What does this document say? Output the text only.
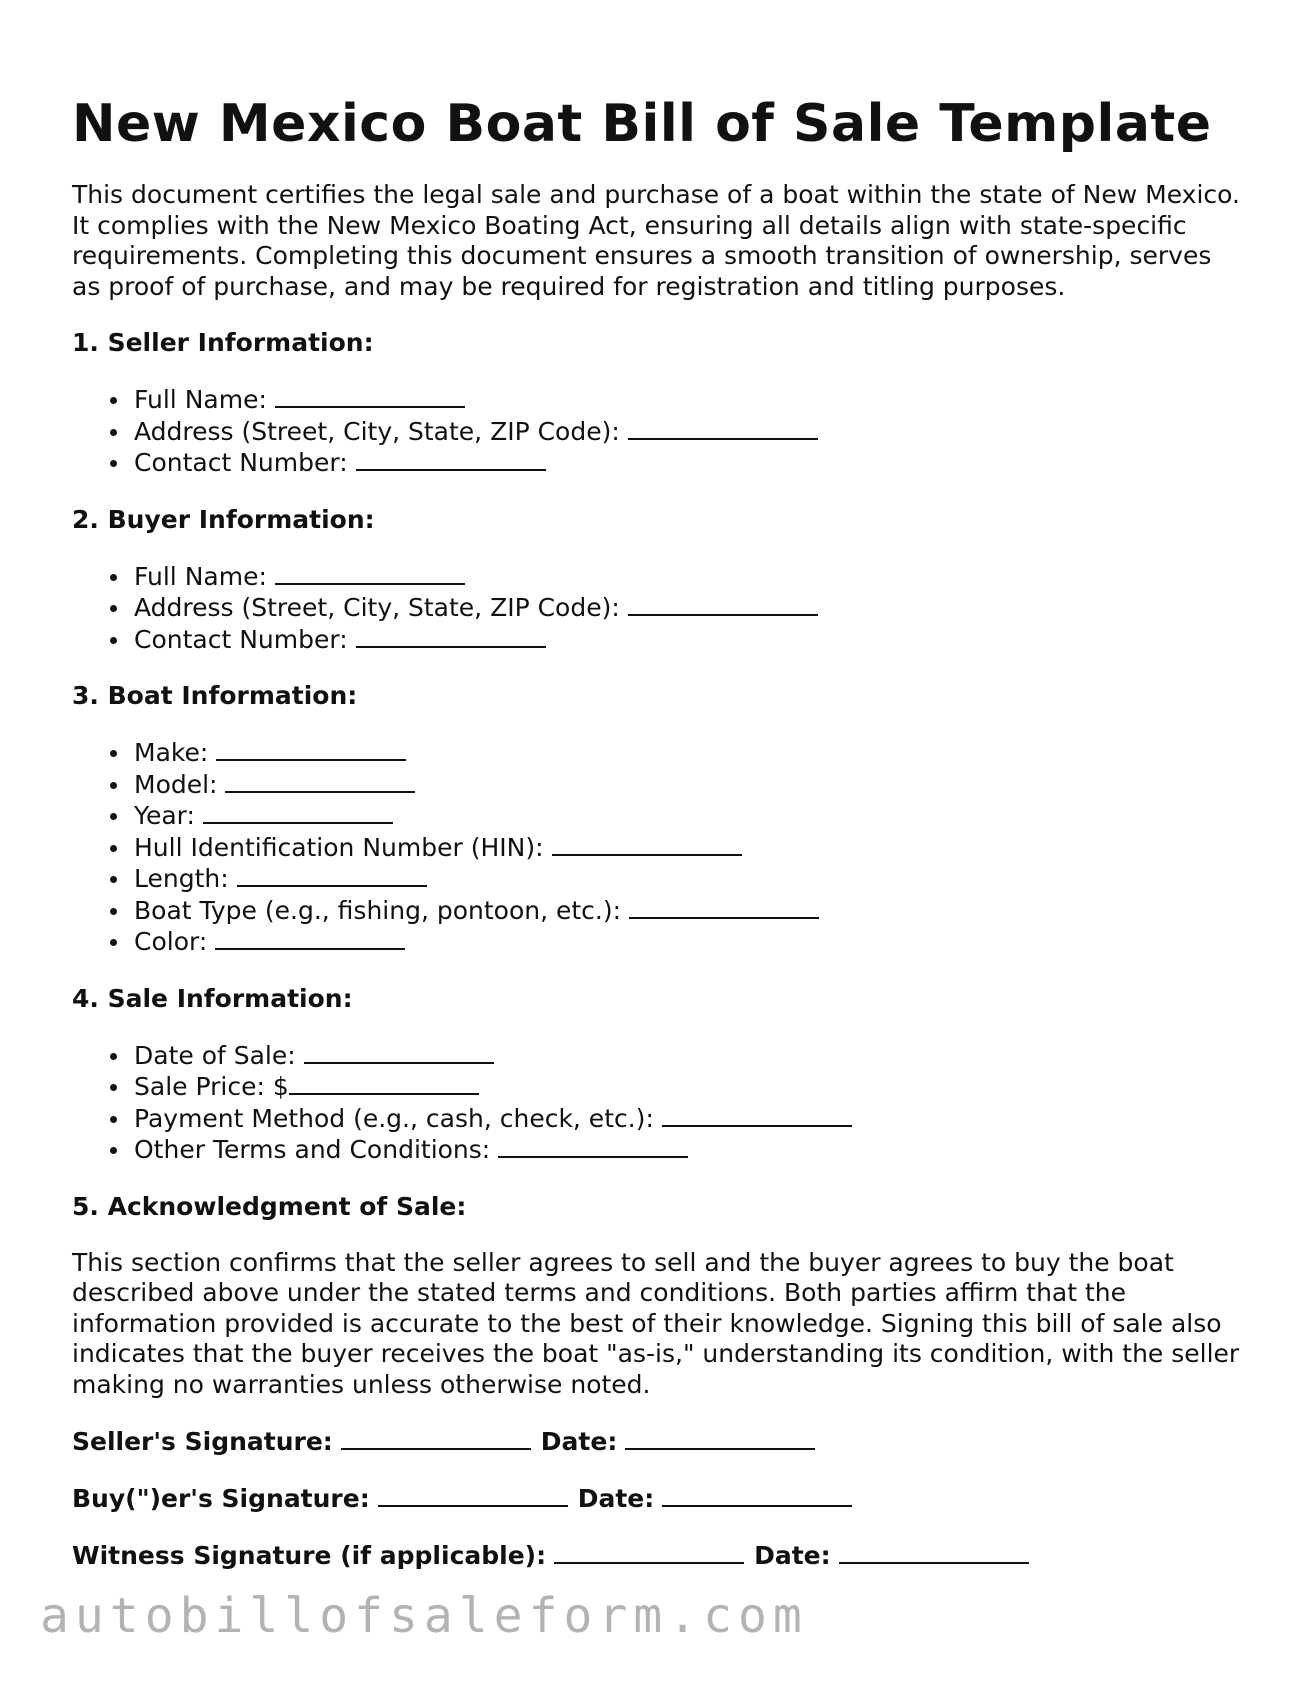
New Mexico Boat Bill of Sale Template

This document certifies the legal sale and purchase of a boat within the state of New Mexico. It complies with the New Mexico Boating Act, ensuring all details align with state-specific requirements. Completing this document ensures a smooth transition of ownership, serves as proof of purchase, and may be required for registration and titling purposes.

1. Seller Information:
Full Name:
Address (Street, City, State, ZIP Code):
Contact Number:
2. Buyer Information:
Full Name:
Address (Street, City, State, ZIP Code):
Contact Number:
3. Boat Information:
Make:
Model:
Year:
Hull Identification Number (HIN):
Length:
Boat Type (e.g., fishing, pontoon, etc.):
Color:
4. Sale Information:
Date of Sale:
Sale Price: $
Payment Method (e.g., cash, check, etc.):
Other Terms and Conditions:
5. Acknowledgment of Sale:

This section confirms that the seller agrees to sell and the buyer agrees to buy the boat described above under the stated terms and conditions. Both parties affirm that the information provided is accurate to the best of their knowledge. Signing this bill of sale also indicates that the buyer receives the boat "as-is," understanding its condition, with the seller making no warranties unless otherwise noted.

Seller's Signature:	Date:
Buy(")er's Signature:	Date:
Witness Signature (if applicable):	Date:
autobillofsaleform.com
